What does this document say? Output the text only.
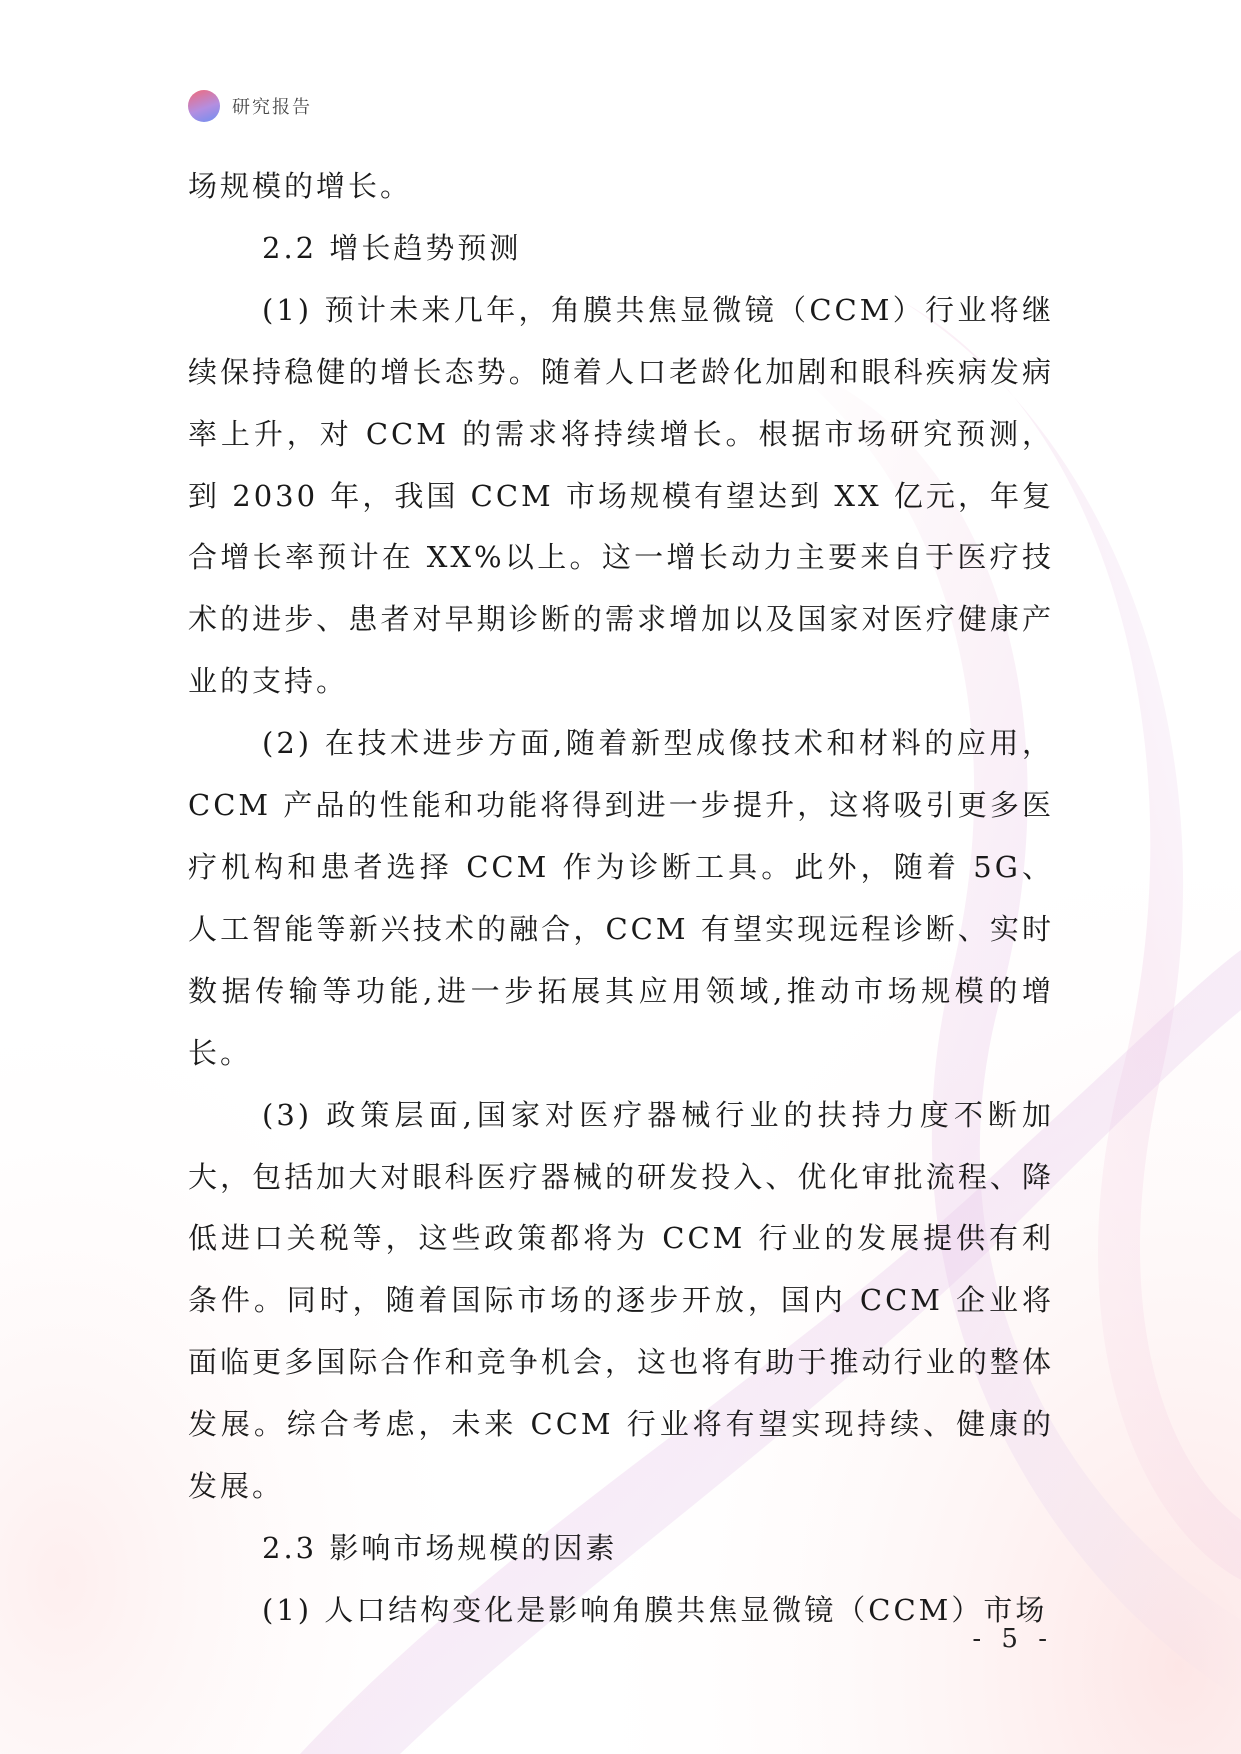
研究报告

场规模的增长。

2.2 增长趋势预测

(1) 预计未来几年，角膜共焦显微镜（CCM）行业将继续保持稳健的增长态势。随着人口老龄化加剧和眼科疾病发病率上升，对 CCM 的需求将持续增长。根据市场研究预测，到 2030 年，我国 CCM 市场规模有望达到 XX 亿元，年复合增长率预计在 XX%以上。这一增长动力主要来自于医疗技术的进步、患者对早期诊断的需求增加以及国家对医疗健康产业的支持。

(2) 在技术进步方面,随着新型成像技术和材料的应用，CCM 产品的性能和功能将得到进一步提升，这将吸引更多医疗机构和患者选择 CCM 作为诊断工具。此外，随着 5G、人工智能等新兴技术的融合，CCM 有望实现远程诊断、实时数据传输等功能,进一步拓展其应用领域,推动市场规模的增长。

(3) 政策层面,国家对医疗器械行业的扶持力度不断加大，包括加大对眼科医疗器械的研发投入、优化审批流程、降低进口关税等，这些政策都将为 CCM 行业的发展提供有利条件。同时，随着国际市场的逐步开放，国内 CCM 企业将面临更多国际合作和竞争机会，这也将有助于推动行业的整体发展。综合考虑，未来 CCM 行业将有望实现持续、健康的发展。

2.3 影响市场规模的因素

(1) 人口结构变化是影响角膜共焦显微镜（CCM）市场

- 5 -
